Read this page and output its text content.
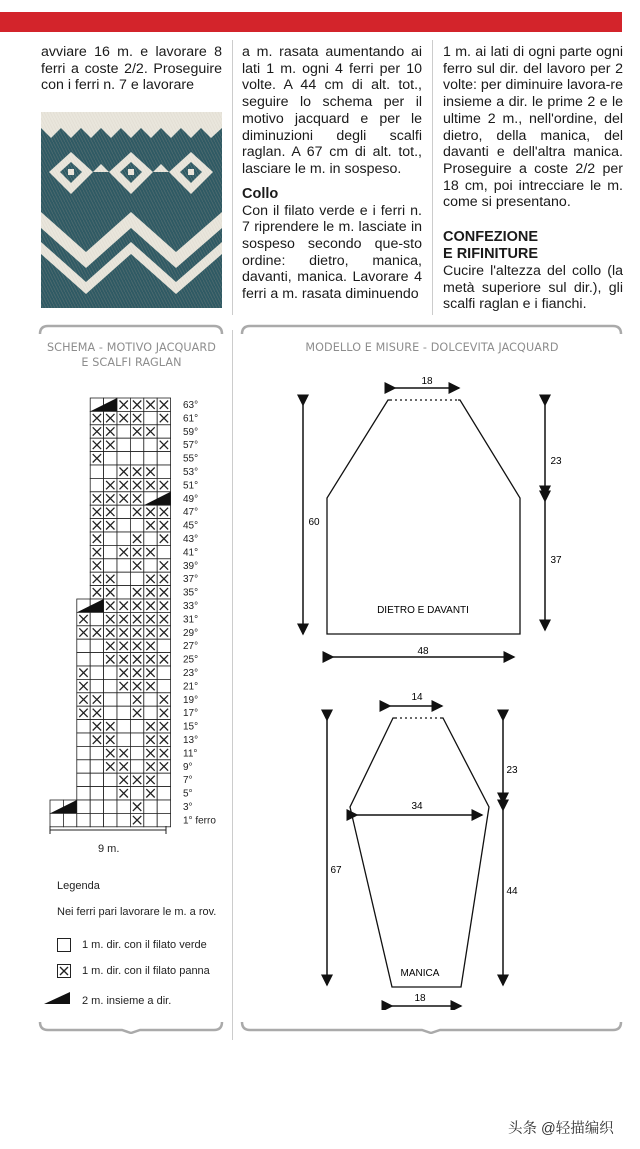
avviare 16 m. e lavorare 8 ferri a coste 2/2. Proseguire con i ferri n. 7 e lavorare

a m. rasata aumentando ai lati 1 m. ogni 4 ferri per 10 volte. A 44 cm di alt. tot., seguire lo schema per il motivo jacquard e per le diminuzioni degli scalfi raglan. A 67 cm di alt. tot., lasciare le m. in sospeso.

Collo

Con il filato verde e i ferri n. 7 riprendere le m. lasciate in sospeso secondo que-sto ordine: dietro, manica, davanti, manica. Lavorare 4 ferri a m. rasata diminuendo

1 m. ai lati di ogni parte ogni ferro sul dir. del lavoro per 2 volte: per diminuire lavora-re insieme a dir. le prime 2 e le ultime 2 m., nell'ordine, del dietro, della manica, del davanti e dell'altra manica. Proseguire a coste 2/2 per 18 cm, poi intrecciare le m. come si presentano.

CONFEZIONE
E RIFINITURE

Cucire l'altezza del collo (la metà superiore sul dir.), gli scalfi raglan e i fianchi.

SCHEMA - MOTIVO JACQUARD
E SCALFI RAGLAN
MODELLO E MISURE - DOLCEVITA JACQUARD
63°
61°
59°
57°
55°
53°
51°
49°
47°
45°
43°
41°
39°
37°
35°
33°
31°
29°
27°
25°
23°
21°
19°
17°
15°
13°
11°
9°
7°
5°
3°
1° ferro
9 m.
Legenda
Nei ferri pari lavorare le m. a rov.
1 m. dir. con il filato verde
1 m. dir. con il filato panna
2 m. insieme a dir.
18
48
60
23
37
DIETRO E DAVANTI
14
34
18
67
23
44
MANICA
头条 @轻描编织
